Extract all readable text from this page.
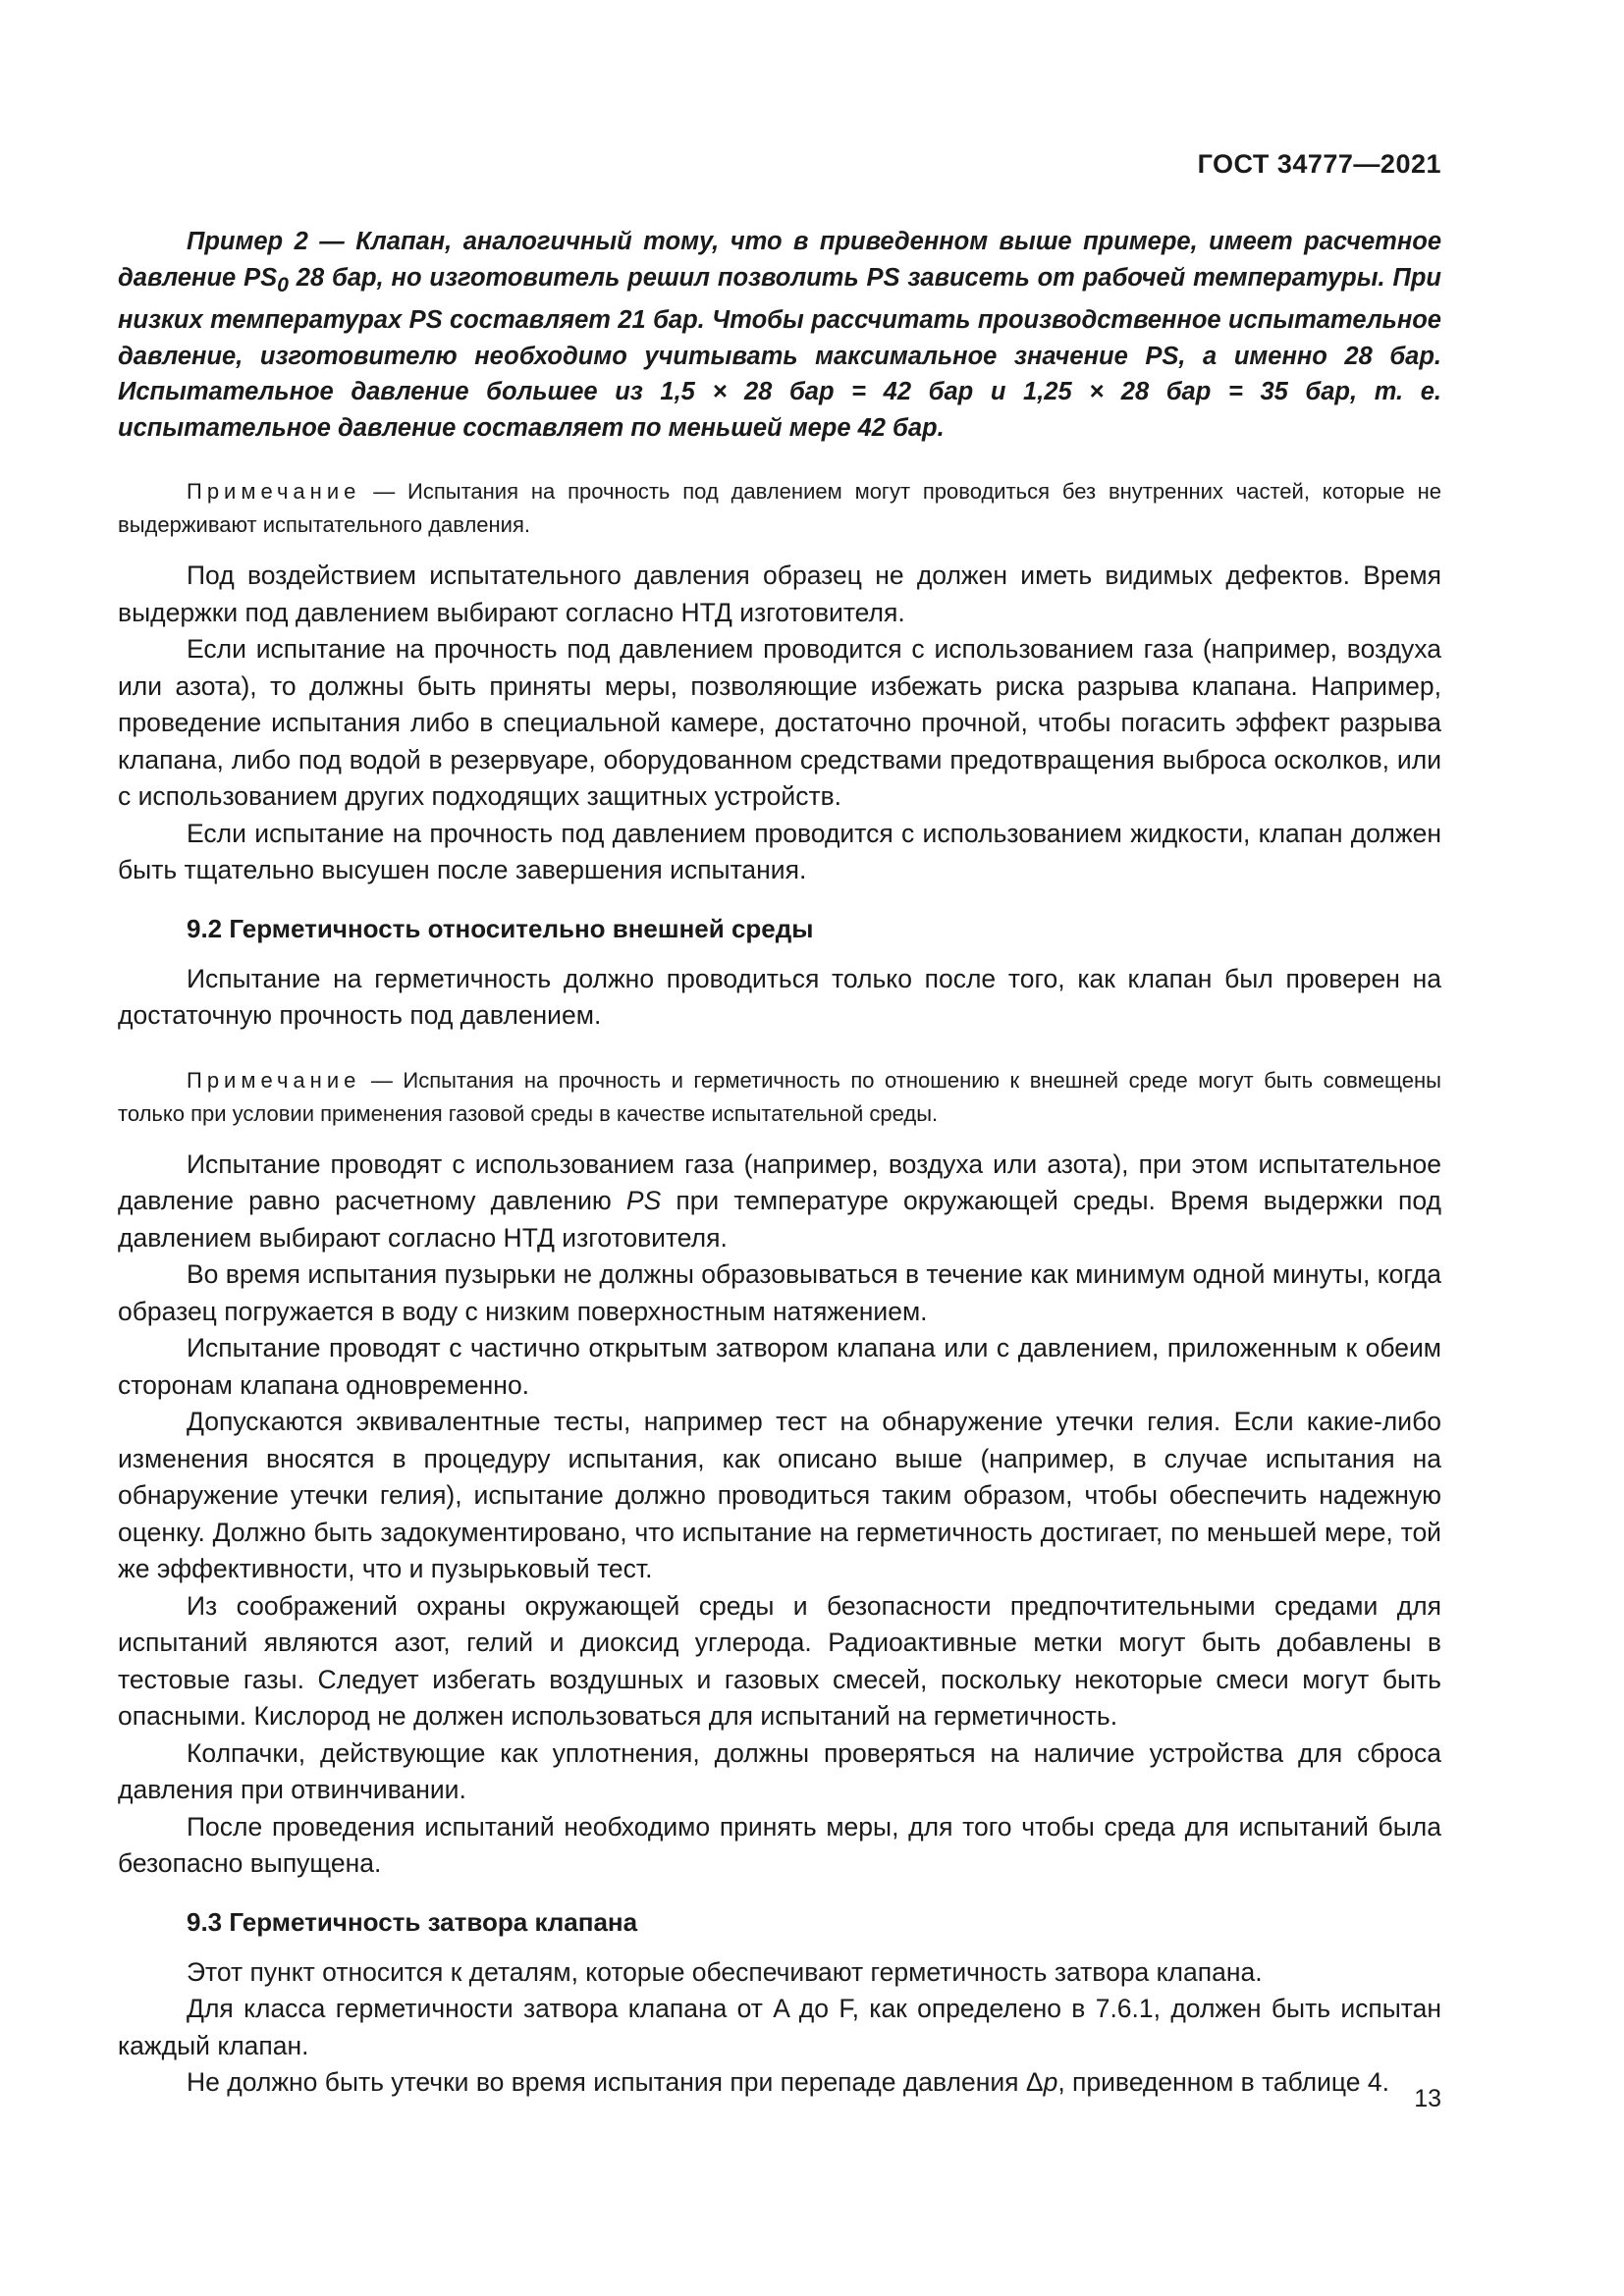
ГОСТ 34777—2021

Пример 2 — Клапан, аналогичный тому, что в приведенном выше примере, имеет расчетное давление $PS_0$ 28 бар, но изготовитель решил позволить PS зависеть от рабочей температуры. При низких температурах PS составляет 21 бар. Чтобы рассчитать производственное испытательное давление, изготовителю необходимо учитывать максимальное значение PS, а именно 28 бар. Испытательное давление большее из 1,5 × 28 бар = 42 бар и 1,25 × 28 бар = 35 бар, т. е. испытательное давление составляет по меньшей мере 42 бар.

Примечание — Испытания на прочность под давлением могут проводиться без внутренних частей, которые не выдерживают испытательного давления.

Под воздействием испытательного давления образец не должен иметь видимых дефектов. Время выдержки под давлением выбирают согласно НТД изготовителя.

Если испытание на прочность под давлением проводится с использованием газа (например, воздуха или азота), то должны быть приняты меры, позволяющие избежать риска разрыва клапана. Например, проведение испытания либо в специальной камере, достаточно прочной, чтобы погасить эффект разрыва клапана, либо под водой в резервуаре, оборудованном средствами предотвращения выброса осколков, или с использованием других подходящих защитных устройств.

Если испытание на прочность под давлением проводится с использованием жидкости, клапан должен быть тщательно высушен после завершения испытания.

9.2 Герметичность относительно внешней среды

Испытание на герметичность должно проводиться только после того, как клапан был проверен на достаточную прочность под давлением.

Примечание — Испытания на прочность и герметичность по отношению к внешней среде могут быть совмещены только при условии применения газовой среды в качестве испытательной среды.

Испытание проводят с использованием газа (например, воздуха или азота), при этом испытательное давление равно расчетному давлению PS при температуре окружающей среды. Время выдержки под давлением выбирают согласно НТД изготовителя.

Во время испытания пузырьки не должны образовываться в течение как минимум одной минуты, когда образец погружается в воду с низким поверхностным натяжением.

Испытание проводят с частично открытым затвором клапана или с давлением, приложенным к обеим сторонам клапана одновременно.

Допускаются эквивалентные тесты, например тест на обнаружение утечки гелия. Если какие-либо изменения вносятся в процедуру испытания, как описано выше (например, в случае испытания на обнаружение утечки гелия), испытание должно проводиться таким образом, чтобы обеспечить надежную оценку. Должно быть задокументировано, что испытание на герметичность достигает, по меньшей мере, той же эффективности, что и пузырьковый тест.

Из соображений охраны окружающей среды и безопасности предпочтительными средами для испытаний являются азот, гелий и диоксид углерода. Радиоактивные метки могут быть добавлены в тестовые газы. Следует избегать воздушных и газовых смесей, поскольку некоторые смеси могут быть опасными. Кислород не должен использоваться для испытаний на герметичность.

Колпачки, действующие как уплотнения, должны проверяться на наличие устройства для сброса давления при отвинчивании.

После проведения испытаний необходимо принять меры, для того чтобы среда для испытаний была безопасно выпущена.

9.3 Герметичность затвора клапана

Этот пункт относится к деталям, которые обеспечивают герметичность затвора клапана.

Для класса герметичности затвора клапана от A до F, как определено в 7.6.1, должен быть испытан каждый клапан.

Не должно быть утечки во время испытания при перепаде давления Δp, приведенном в таблице 4.

13
